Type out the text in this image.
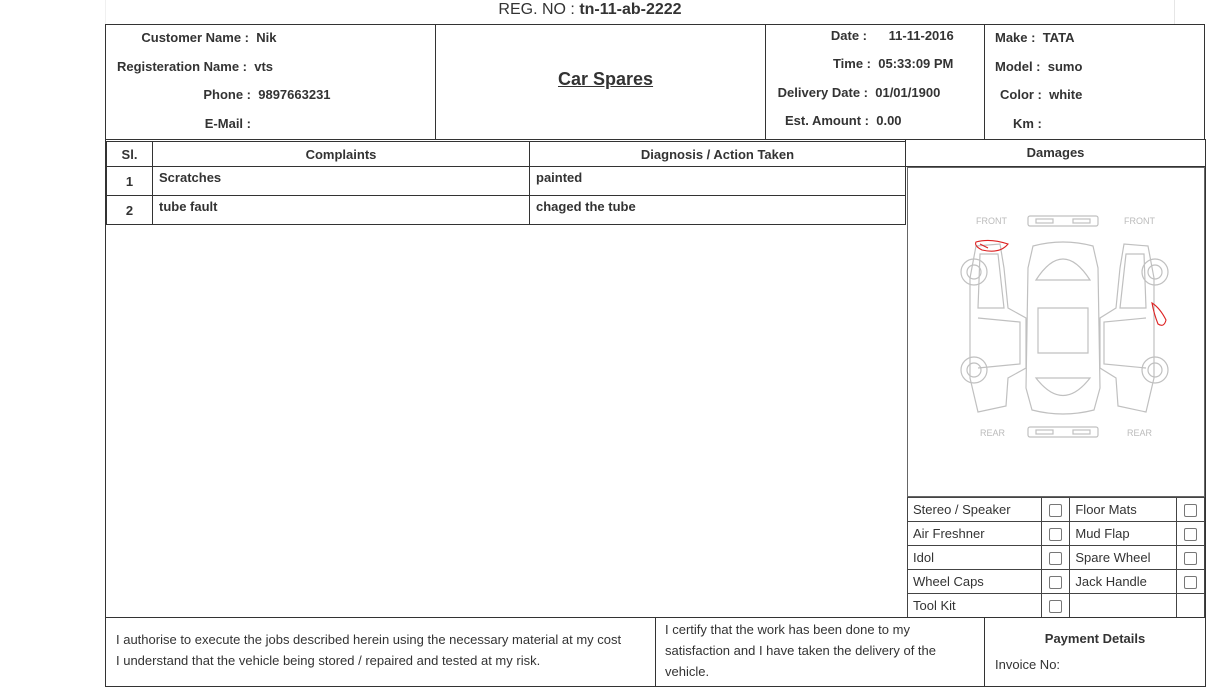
REG. NO : tn-11-ab-2222
Customer Name : Nik
Registeration Name : vts
Phone : 9897663231
E-Mail :
Car Spares
Date : 11-11-2016
Time : 05:33:09 PM
Delivery Date : 01/01/1900
Est. Amount : 0.00
Make : TATA
Model : sumo
Color : white
Km :
Sl.	Complaints	Diagnosis / Action Taken
1	Scratches	painted
2	tube fault	chaged the tube
Damages
FRONT	FRONT
REAR	REAR
Stereo / Speaker		Floor Mats	
Air Freshner		Mud Flap	
Idol		Spare Wheel	
Wheel Caps		Jack Handle	
Tool Kit			
I authorise to execute the jobs described herein using the necessary material at my cost
I understand that the vehicle being stored / repaired and tested at my risk.
I certify that the work has been done to my satisfaction and I have taken the delivery of the vehicle.
Payment Details
Invoice No:
